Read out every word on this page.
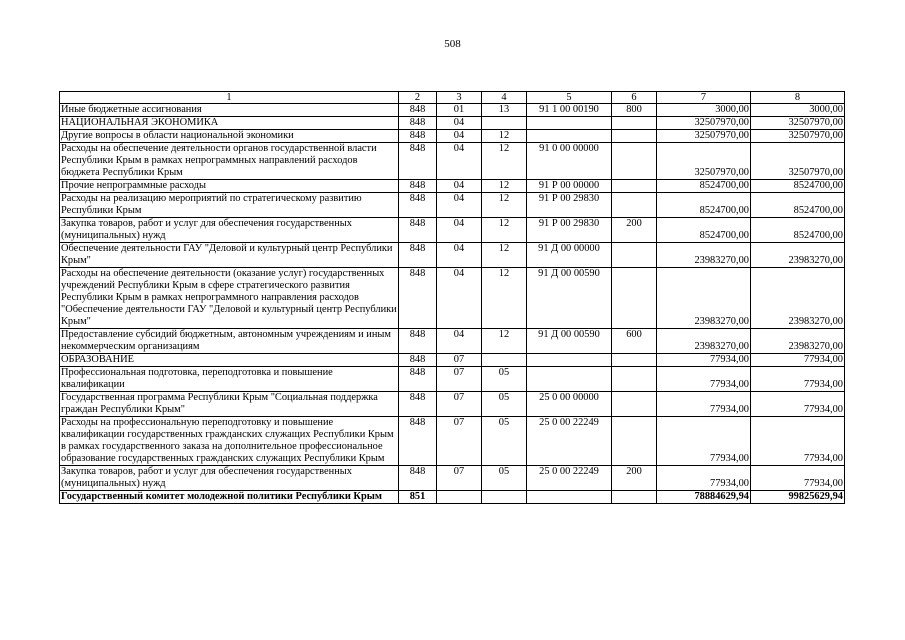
508
1	2	3	4	5	6	7	8
Иные бюджетные ассигнования	848	01	13	91 1 00 00190	800	3000,00	3000,00
НАЦИОНАЛЬНАЯ ЭКОНОМИКА	848	04				32507970,00	32507970,00
Другие вопросы в области национальной экономики	848	04	12			32507970,00	32507970,00
Расходы на обеспечение деятельности органов государственной власти Республики Крым в рамках непрограммных направлений расходов бюджета Республики Крым	848	04	12	91 0 00 00000		32507970,00	32507970,00
Прочие непрограммные расходы	848	04	12	91 Р 00 00000		8524700,00	8524700,00
Расходы на реализацию мероприятий по стратегическому развитию Республики Крым	848	04	12	91 Р 00 29830		8524700,00	8524700,00
Закупка товаров, работ и услуг для обеспечения государственных (муниципальных) нужд	848	04	12	91 Р 00 29830	200	8524700,00	8524700,00
Обеспечение деятельности ГАУ "Деловой и культурный центр Республики Крым"	848	04	12	91 Д 00 00000		23983270,00	23983270,00
Расходы на обеспечение деятельности (оказание услуг) государственных учреждений Республики Крым в сфере стратегического развития Республики Крым в рамках непрограммного направления расходов "Обеспечение деятельности ГАУ "Деловой и культурный центр Республики Крым"	848	04	12	91 Д 00 00590		23983270,00	23983270,00
Предоставление субсидий бюджетным, автономным учреждениям и иным некоммерческим организациям	848	04	12	91 Д 00 00590	600	23983270,00	23983270,00
ОБРАЗОВАНИЕ	848	07				77934,00	77934,00
Профессиональная подготовка, переподготовка и повышение квалификации	848	07	05			77934,00	77934,00
Государственная программа Республики Крым "Социальная поддержка граждан Республики Крым"	848	07	05	25 0 00 00000		77934,00	77934,00
Расходы на профессиональную переподготовку и повышение квалификации государственных гражданских служащих Республики Крым в рамках государственного заказа на дополнительное профессиональное образование государственных гражданских служащих Республики Крым	848	07	05	25 0 00 22249		77934,00	77934,00
Закупка товаров, работ и услуг для обеспечения государственных (муниципальных) нужд	848	07	05	25 0 00 22249	200	77934,00	77934,00
Государственный комитет молодежной политики Республики Крым	851					78884629,94	99825629,94
